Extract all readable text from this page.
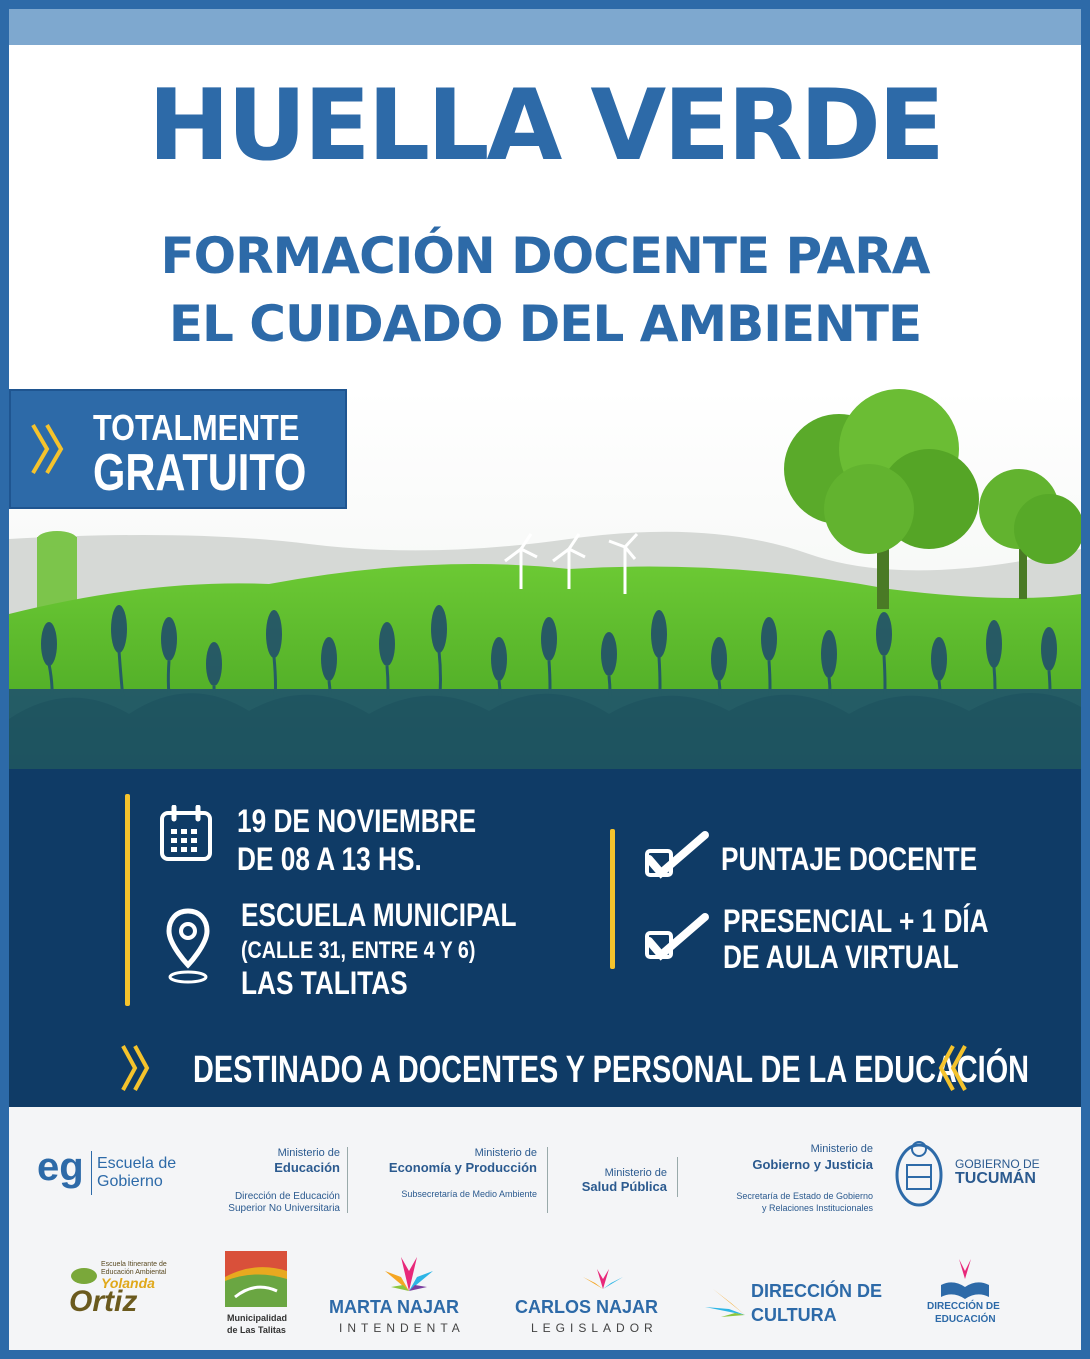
HUELLA VERDE
FORMACIÓN DOCENTE PARA
EL CUIDADO DEL AMBIENTE
TOTALMENTE
GRATUITO
19 DE NOVIEMBRE
DE 08 A 13 HS.
ESCUELA MUNICIPAL
(CALLE 31, ENTRE 4 Y 6)
LAS TALITAS
PUNTAJE DOCENTE
PRESENCIAL + 1 DÍA
DE AULA VIRTUAL
DESTINADO A DOCENTES Y PERSONAL DE LA EDUCACIÓN
eg Escuela de
Gobierno
Ministerio de
Educación
Dirección de Educación
Superior No Universitaria
Ministerio de
Economía y Producción
Subsecretaría de Medio Ambiente
Ministerio de
Salud Pública
Ministerio de
Gobierno y Justicia
Secretaría de Estado de Gobierno
y Relaciones Institucionales
GOBIERNO DE
TUCUMÁN
Escuela Itinerante de
Educación Ambiental
Yolanda
Ortiz	Municipalidad
de Las Talitas
MARTA NAJAR
INTENDENTA
CARLOS NAJAR
LEGISLADOR
DIRECCIÓN DE
CULTURA	DIRECCIÓN DE
EDUCACIÓN
